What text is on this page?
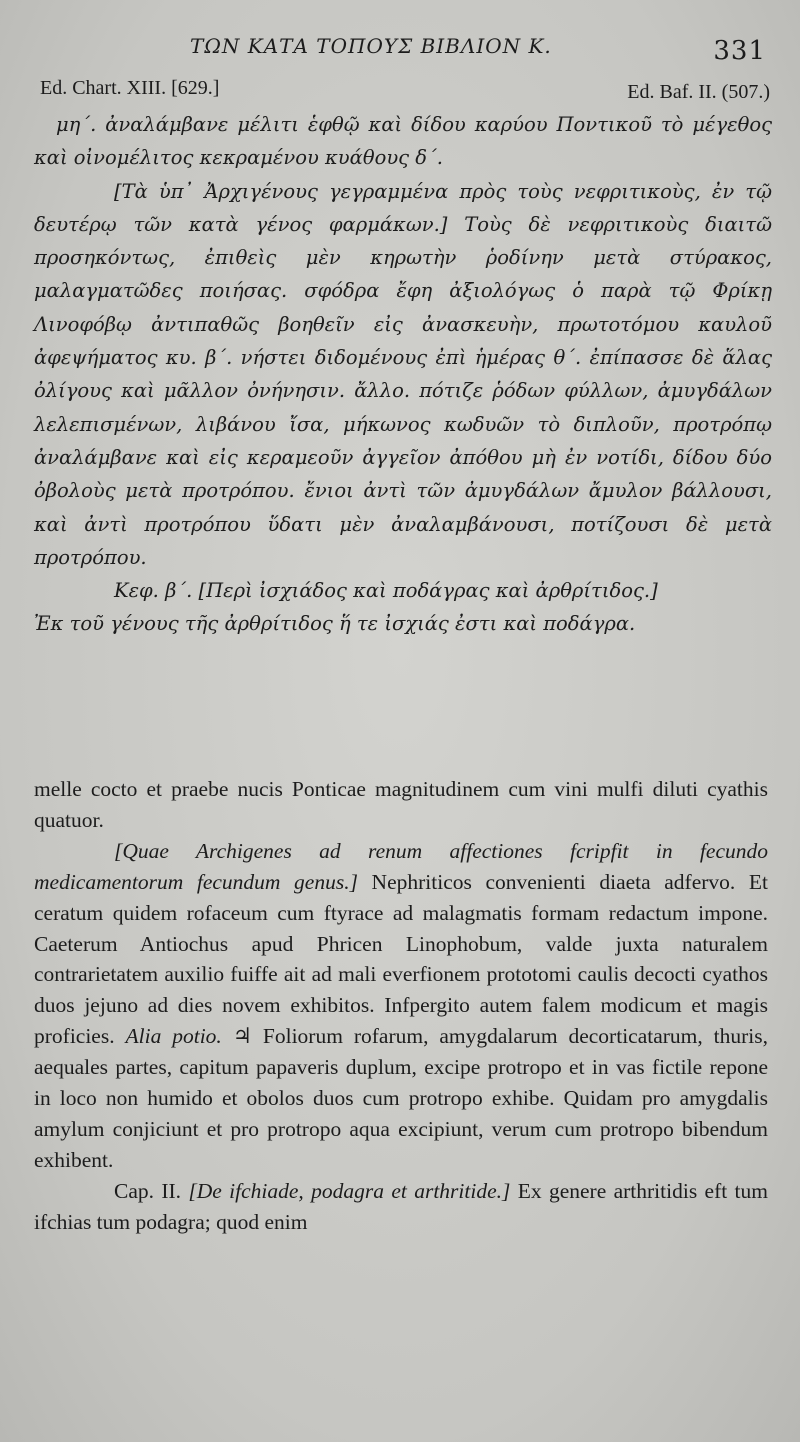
ΤΩΝ ΚΑΤΑ ΤΟΠΟΥΣ ΒΙΒΛΙΟΝ Κ.	331
Ed. Chart. XIII. [629.]	Ed. Baf. II. (507.)

μη΄. ἀναλάμβανε μέλιτι ἑφθῷ καὶ δίδου καρύου Ποντικοῦ τὸ μέγεθος καὶ οἰνομέλιτος κεκραμένου κυάθους δ΄.

[Τὰ ὑπ᾽ Ἀρχιγένους γεγραμμένα πρὸς τοὺς νεφριτικοὺς, ἐν τῷ δευτέρῳ τῶν κατὰ γένος φαρμάκων.] Τοὺς δὲ νεφριτικοὺς διαιτῶ προσηκόντως, ἐπιθεὶς μὲν κηρωτὴν ῥοδίνην μετὰ στύρακος, μαλαγματῶδες ποιήσας. σφόδρα ἔφη ἀξιολόγως ὁ παρὰ τῷ Φρίκῃ Λινοφόβῳ ἀντιπαθῶς βοηθεῖν εἰς ἀνασκευὴν, πρωτοτόμου καυλοῦ ἀφεψήματος κυ. β΄. νήστει διδομένους ἐπὶ ἡμέρας θ΄. ἐπίπασσε δὲ ἅλας ὀλίγους καὶ μᾶλλον ὀνήνησιν. ἄλλο. πότιζε ῥόδων φύλλων, ἀμυγδάλων λελεπισμένων, λιβάνου ἴσα, μήκωνος κωδυῶν τὸ διπλοῦν, προτρόπῳ ἀναλάμβανε καὶ εἰς κεραμεοῦν ἀγγεῖον ἀπόθου μὴ ἐν νοτίδι, δίδου δύο ὀβολοὺς μετὰ προτρόπου. ἔνιοι ἀντὶ τῶν ἀμυγδάλων ἄμυλον βάλλουσι, καὶ ἀντὶ προτρόπου ὕδατι μὲν ἀναλαμβάνουσι, ποτίζουσι δὲ μετὰ προτρόπου.

Κεφ. β΄. [Περὶ ἰσχιάδος καὶ ποδάγρας καὶ ἀρθρίτιδος.]

Ἐκ τοῦ γένους τῆς ἀρθρίτιδος ἥ τε ἰσχιάς ἐστι καὶ ποδάγρα.

melle cocto et praebe nucis Ponticae magnitudinem cum vini mulfi diluti cyathis quatuor.

[Quae Archigenes ad renum affectiones fcripfit in fecundo medicamentorum fecundum genus.] Nephriticos convenienti diaeta adfervo. Et ceratum quidem rofaceum cum ftyrace ad malagmatis formam redactum impone. Caeterum Antiochus apud Phricen Linophobum, valde juxta naturalem contrarietatem auxilio fuiffe ait ad mali everfionem prototomi caulis decocti cyathos duos jejuno ad dies novem exhibitos. Infpergito autem falem modicum et magis proficies. Alia potio. ♃ Foliorum rofarum, amygdalarum decorticatarum, thuris, aequales partes, capitum papaveris duplum, excipe protropo et in vas fictile repone in loco non humido et obolos duos cum protropo exhibe. Quidam pro amygdalis amylum conjiciunt et pro protropo aqua excipiunt, verum cum protropo bibendum exhibent.

Cap. II. [De ifchiade, podagra et arthritide.] Ex genere arthritidis eft tum ifchias tum podagra; quod enim
